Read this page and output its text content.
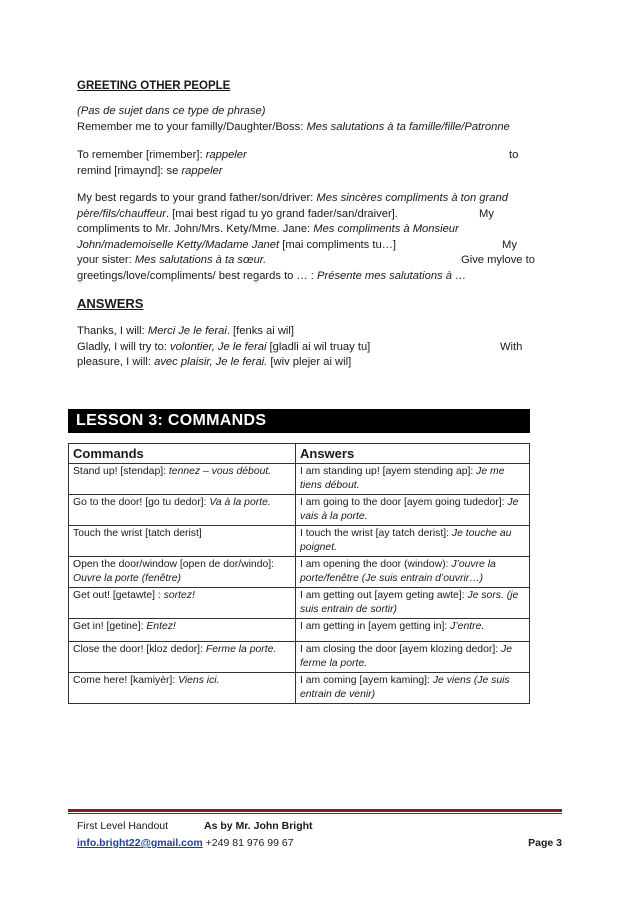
GREETING OTHER PEOPLE

(Pas de sujet dans ce type de phrase)

Remember me to your familly/Daughter/Boss: Mes salutations à ta famille/fille/Patronne

To remember [rimember]: rappeler	to

remind [rimaynd]: se rappeler

My best regards to your grand father/son/driver: Mes sincères compliments à ton grand

père/fils/chauffeur. [mai best rigad tu yo grand fader/san/draiver].	My

compliments to Mr. John/Mrs. Kety/Mme. Jane: Mes compliments à Monsieur

John/mademoiselle Ketty/Madame Janet [mai compliments tu…]	My love to

your sister: Mes salutations à ta sœur.	Give my

greetings/love/compliments/ best regards to … : Présente mes salutations à …

ANSWERS

Thanks, I will: Merci Je le ferai. [fenks ai wil]

Gladly, I will try to: volontier, Je le ferai [gladli ai wil truay tu]	With

pleasure, I will: avec plaisir, Je le ferai. [wiv plejer ai wil]

LESSON 3: COMMANDS
Commands	Answers
Stand up! [stendap]: tennez – vous débout.	I am standing up! [ayem stending ap]: Je me tiens débout.
Go to the door! [go tu dedor]: Va à la porte.	I am going to the door [ayem going tudedor]: Je vais à la porte.
Touch the wrist [tatch derist]	I touch the wrist [ay tatch derist]: Je touche au poignet.
Open the door/window [open de dor/windo]: Ouvre la porte (fenêtre)	I am opening the door (window): J’ouvre la porte/fenêtre (Je suis entrain d’ouvrir…)
Get out! [getawte] : sortez!	I am getting out [ayem geting awte]: Je sors. (je suis entrain de sortir)
Get in! [getine]: Entez!	I am getting in [ayem getting in]: J’entre.
Close the door! [kloz dedor]: Ferme la porte.	I am closing the door [ayem klozing dedor]: Je ferme la porte.
Come here! [kamiyèr]: Viens ici.	I am coming [ayem kaming]: Je viens (Je suis entrain de venir)
First Level Handout	As by Mr. John Bright
info.bright22@gmail.com +249 81 976 99 67	Page 3
